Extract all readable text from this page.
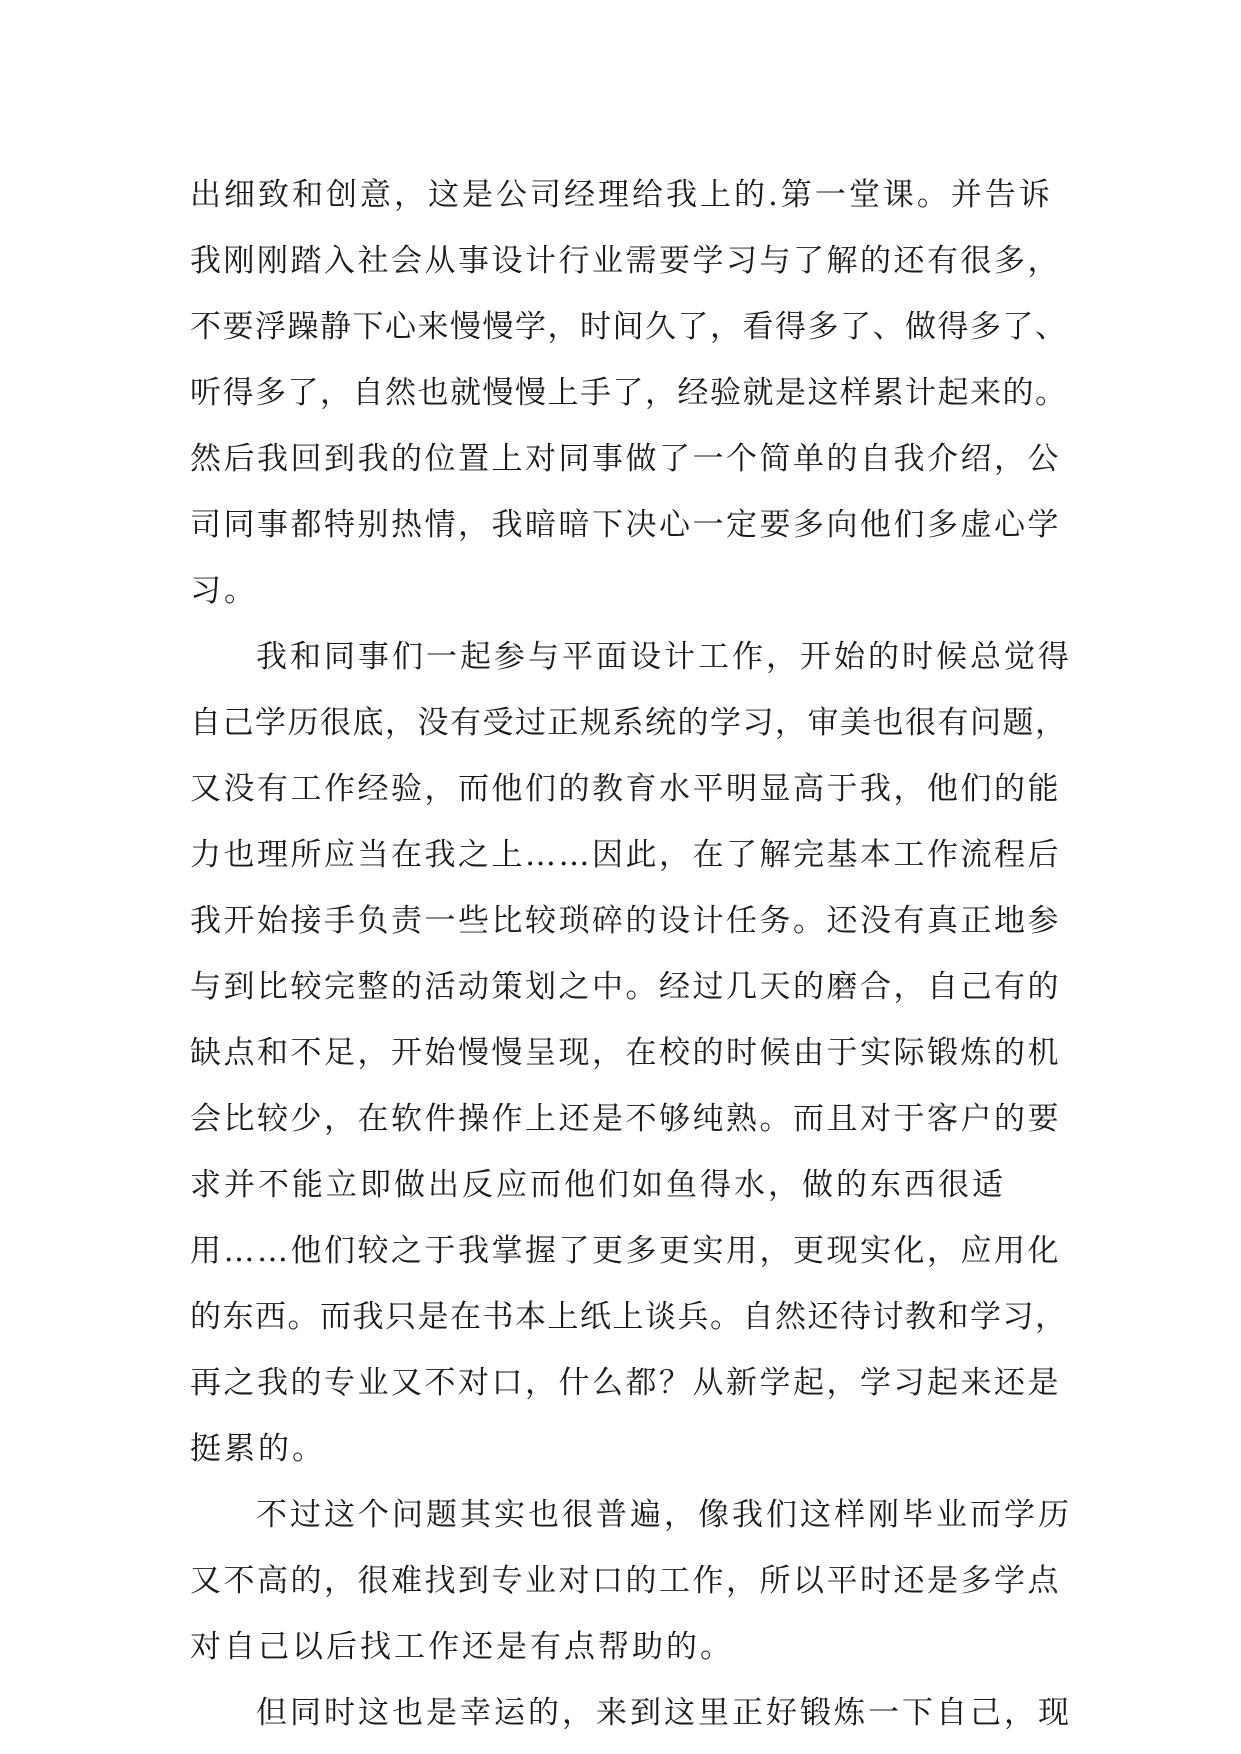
出细致和创意，这是公司经理给我上的.第一堂课。并告诉
我刚刚踏入社会从事设计行业需要学习与了解的还有很多，
不要浮躁静下心来慢慢学，时间久了，看得多了、做得多了、
听得多了，自然也就慢慢上手了，经验就是这样累计起来的。
然后我回到我的位置上对同事做了一个简单的自我介绍，公
司同事都特别热情，我暗暗下决心一定要多向他们多虚心学
习。
我和同事们一起参与平面设计工作，开始的时候总觉得
自己学历很底，没有受过正规系统的学习，审美也很有问题，
又没有工作经验，而他们的教育水平明显高于我，他们的能
力也理所应当在我之上……因此，在了解完基本工作流程后
我开始接手负责一些比较琐碎的设计任务。还没有真正地参
与到比较完整的活动策划之中。经过几天的磨合，自己有的
缺点和不足，开始慢慢呈现，在校的时候由于实际锻炼的机
会比较少，在软件操作上还是不够纯熟。而且对于客户的要
求并不能立即做出反应而他们如鱼得水，做的东西很适
用……他们较之于我掌握了更多更实用，更现实化，应用化
的东西。而我只是在书本上纸上谈兵。自然还待讨教和学习，
再之我的专业又不对口，什么都？从新学起，学习起来还是
挺累的。
不过这个问题其实也很普遍，像我们这样刚毕业而学历
又不高的，很难找到专业对口的工作，所以平时还是多学点
对自己以后找工作还是有点帮助的。
但同时这也是幸运的，来到这里正好锻炼一下自己，现
